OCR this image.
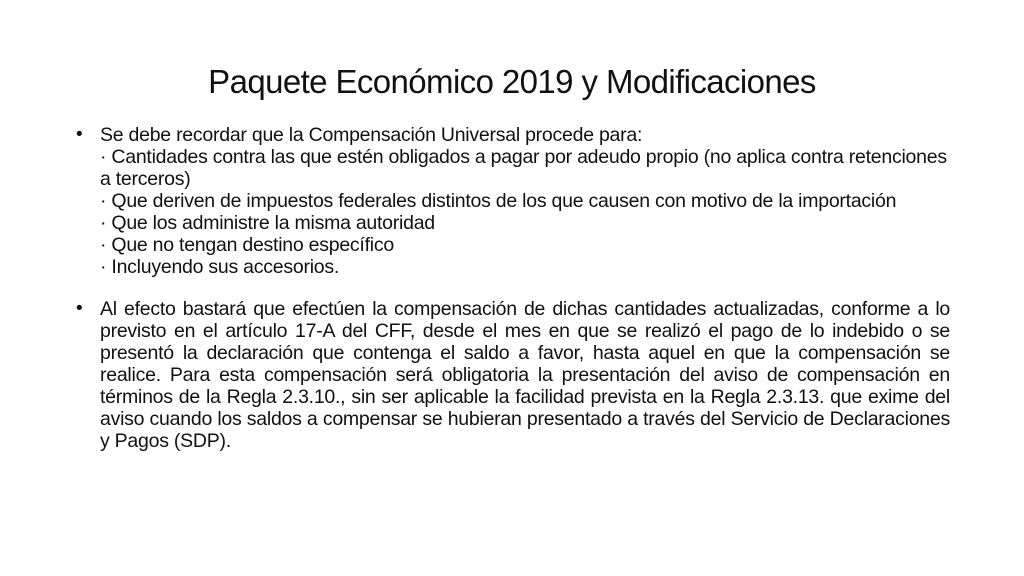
Paquete Económico 2019 y Modificaciones
• Se debe recordar que la Compensación Universal procede para:
· Cantidades contra las que estén obligados a pagar por adeudo propio (no aplica contra retenciones a terceros)
· Que deriven de impuestos federales distintos de los que causen con motivo de la importación
· Que los administre la misma autoridad
· Que no tengan destino específico
· Incluyendo sus accesorios.
• Al efecto bastará que efectúen la compensación de dichas cantidades actualizadas, conforme a lo previsto en el artículo 17-A del CFF, desde el mes en que se realizó el pago de lo indebido o se presentó la declaración que contenga el saldo a favor, hasta aquel en que la compensación se realice. Para esta compensación será obligatoria la presentación del aviso de compensación en términos de la Regla 2.3.10., sin ser aplicable la facilidad prevista en la Regla 2.3.13. que exime del aviso cuando los saldos a compensar se hubieran presentado a través del Servicio de Declaraciones y Pagos (SDP).
